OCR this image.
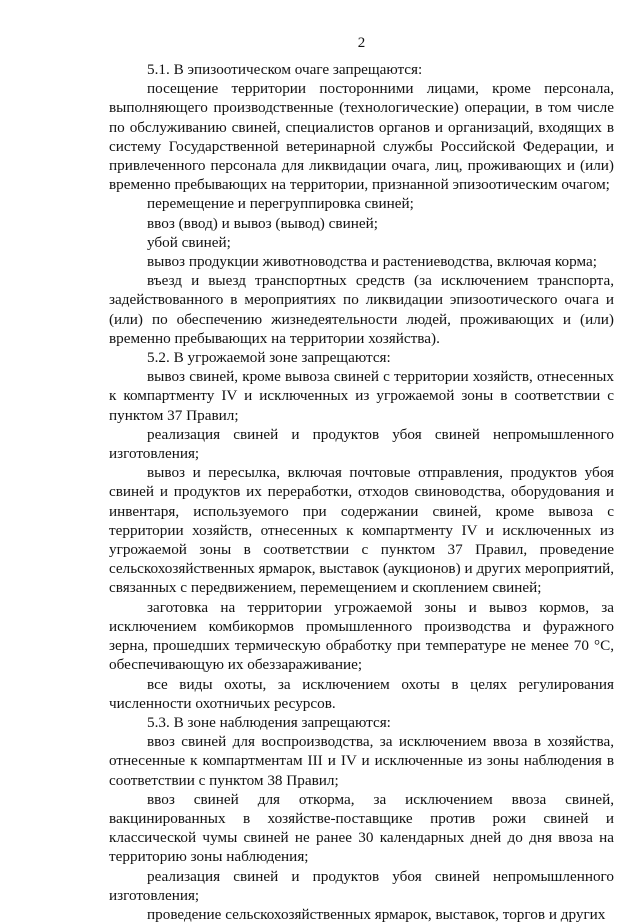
2

5.1. В эпизоотическом очаге запрещаются:

посещение территории посторонними лицами, кроме персонала, выполняющего производственные (технологические) операции, в том числе по обслуживанию свиней, специалистов органов и организаций, входящих в систему Государственной ветеринарной службы Российской Федерации, и привлеченного персонала для ликвидации очага, лиц, проживающих и (или) временно пребывающих на территории, признанной эпизоотическим очагом;

перемещение и перегруппировка свиней;

ввоз (ввод) и вывоз (вывод) свиней;

убой свиней;

вывоз продукции животноводства и растениеводства, включая корма;

въезд и выезд транспортных средств (за исключением транспорта, задействованного в мероприятиях по ликвидации эпизоотического очага и (или) по обеспечению жизнедеятельности людей, проживающих и (или) временно пребывающих на территории хозяйства).

5.2. В угрожаемой зоне запрещаются:

вывоз свиней, кроме вывоза свиней с территории хозяйств, отнесенных к компартменту IV и исключенных из угрожаемой зоны в соответствии с пунктом 37 Правил;

реализация свиней и продуктов убоя свиней непромышленного изготовления;

вывоз и пересылка, включая почтовые отправления, продуктов убоя свиней и продуктов их переработки, отходов свиноводства, оборудования и инвентаря, используемого при содержании свиней, кроме вывоза с территории хозяйств, отнесенных к компартменту IV и исключенных из угрожаемой зоны в соответствии с пунктом 37 Правил, проведение сельскохозяйственных ярмарок, выставок (аукционов) и других мероприятий, связанных с передвижением, перемещением и скоплением свиней;

заготовка на территории угрожаемой зоны и вывоз кормов, за исключением комбикормов промышленного производства и фуражного зерна, прошедших термическую обработку при температуре не менее 70 °С, обеспечивающую их обеззараживание;

все виды охоты, за исключением охоты в целях регулирования численности охотничьих ресурсов.

5.3. В зоне наблюдения запрещаются:

ввоз свиней для воспроизводства, за исключением ввоза в хозяйства, отнесенные к компартментам III и IV и исключенные из зоны наблюдения в соответствии с пунктом 38 Правил;

ввоз свиней для откорма, за исключением ввоза свиней, вакцинированных в хозяйстве-поставщике против рожи свиней и классической чумы свиней не ранее 30 календарных дней до дня ввоза на территорию зоны наблюдения;

реализация свиней и продуктов убоя свиней непромышленного изготовления;

проведение сельскохозяйственных ярмарок, выставок, торгов и других
